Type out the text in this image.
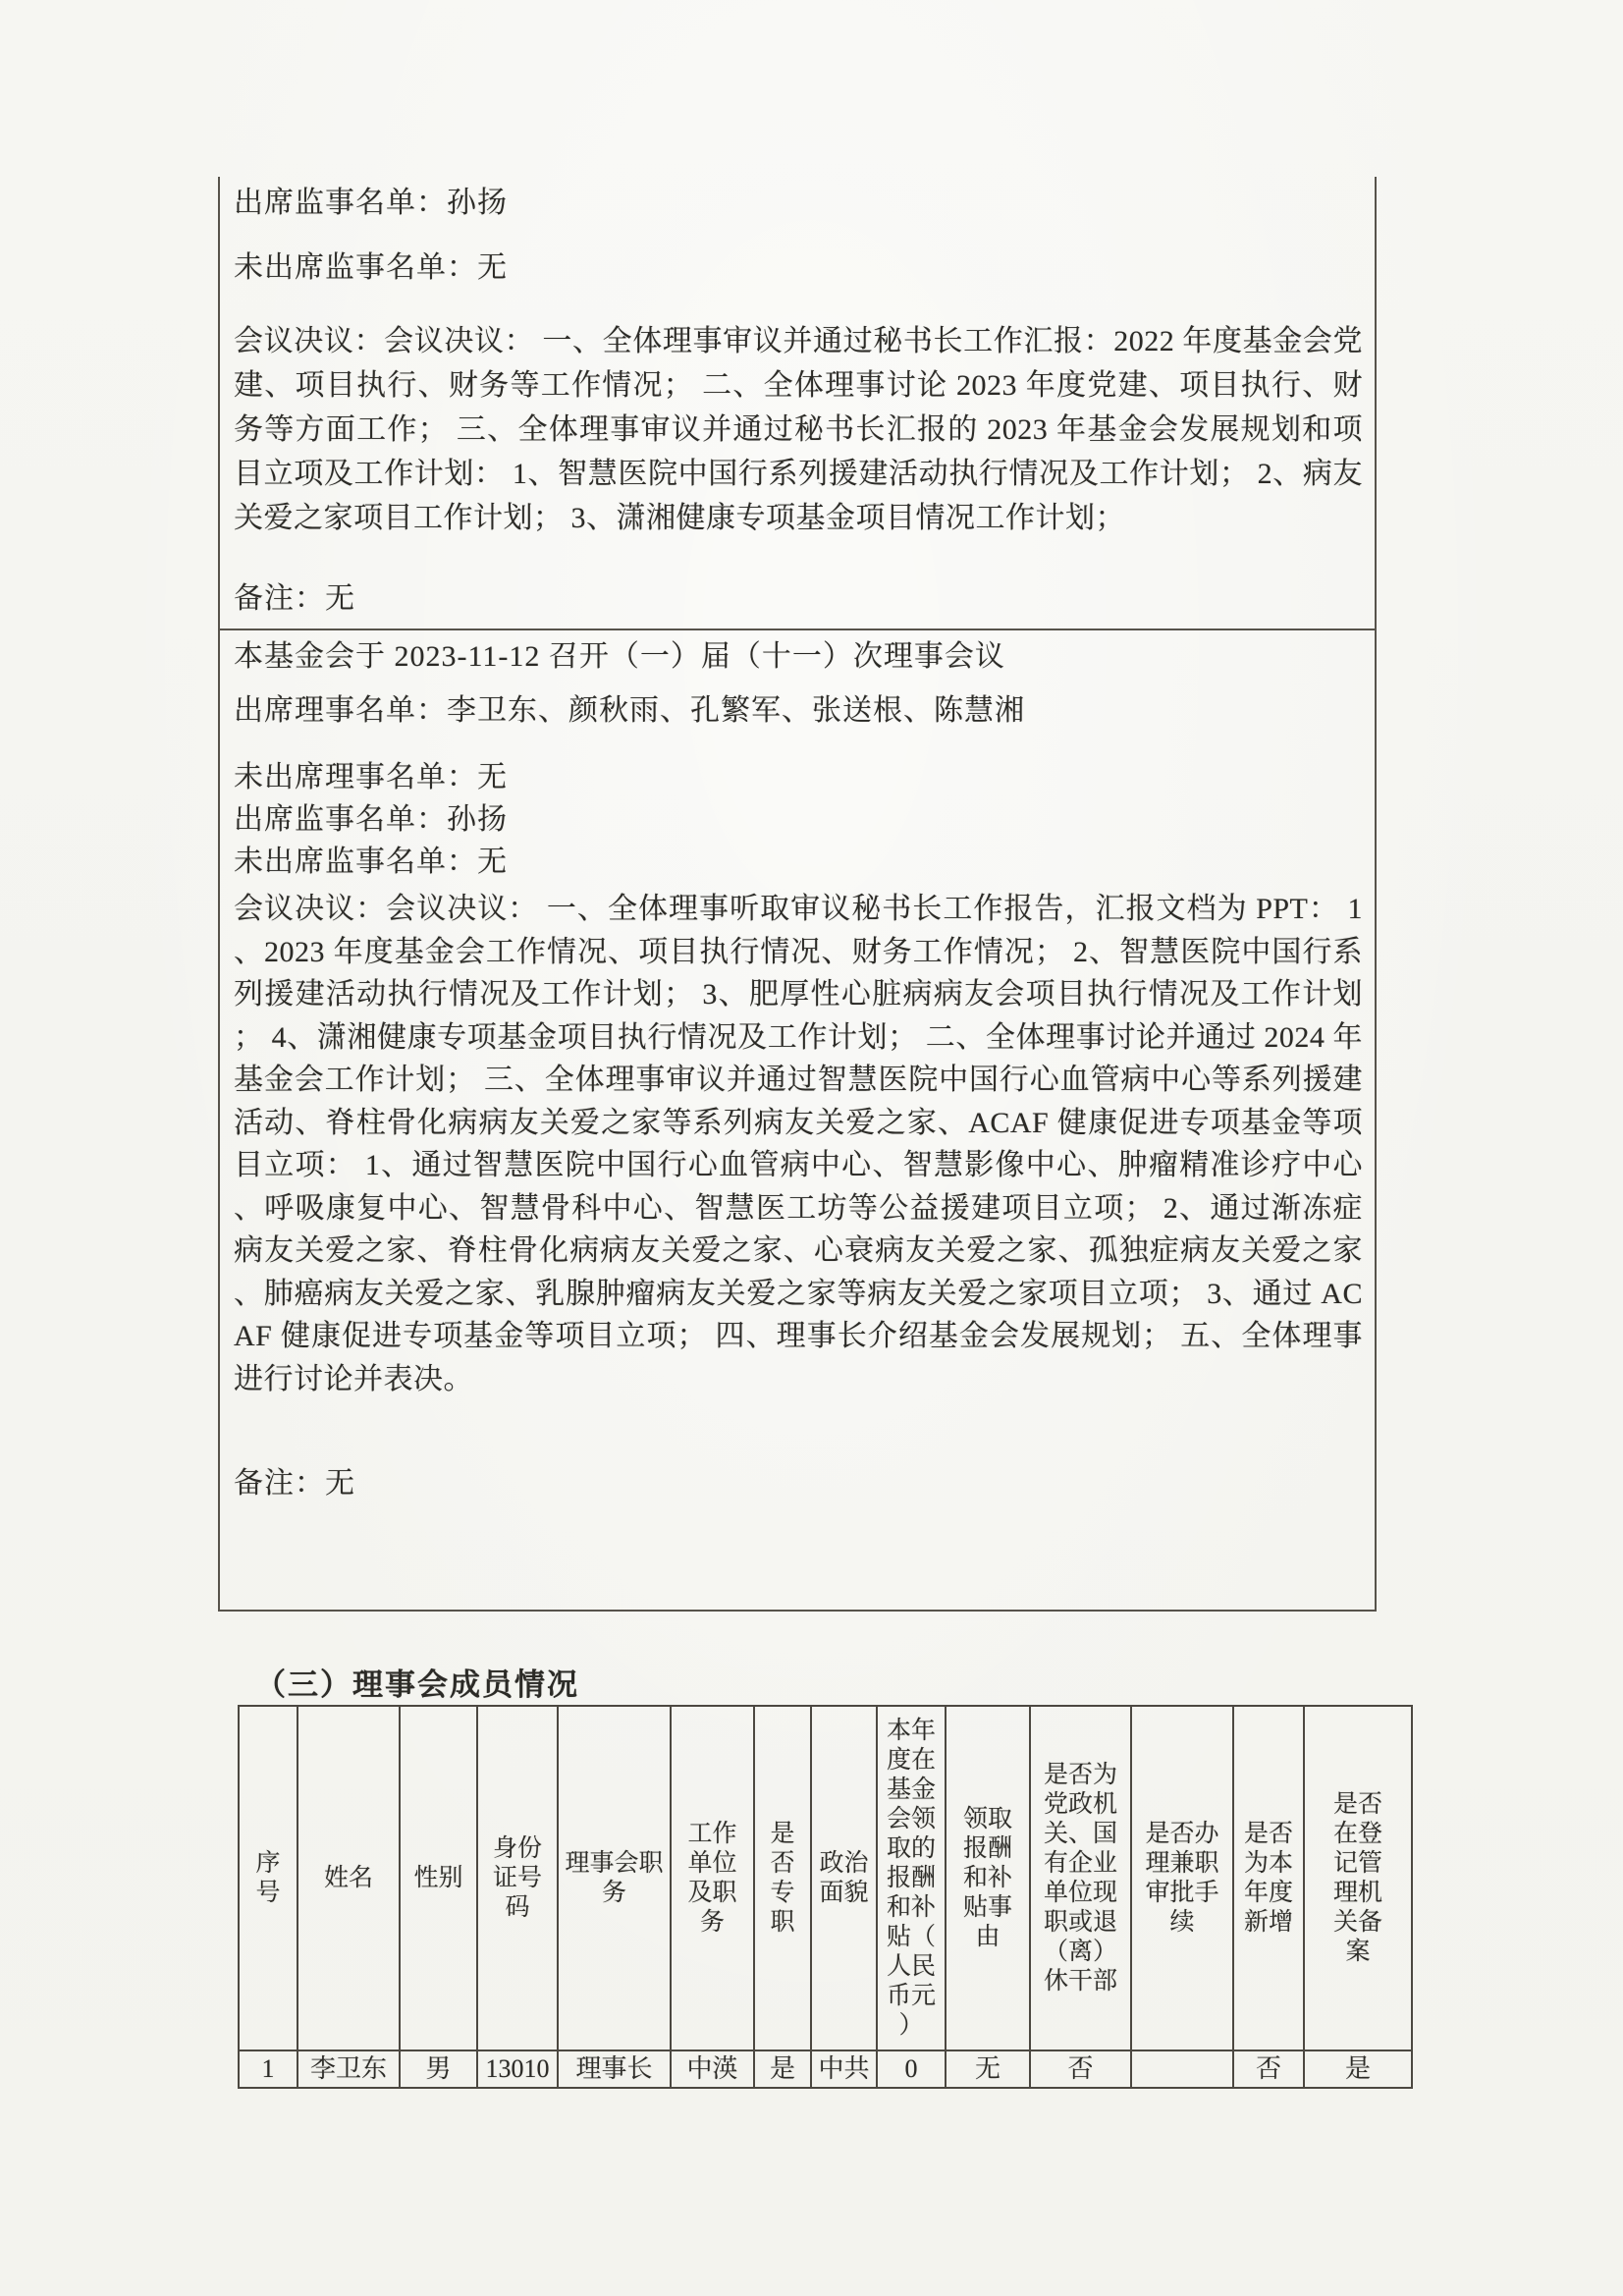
出席监事名单：孙扬

未出席监事名单：无

会议决议：会议决议： 一、全体理事审议并通过秘书长工作汇报：2022 年度基金会党建、项目执行、财务等工作情况； 二、全体理事讨论 2023 年度党建、项目执行、财务等方面工作； 三、全体理事审议并通过秘书长汇报的 2023 年基金会发展规划和项目立项及工作计划： 1、智慧医院中国行系列援建活动执行情况及工作计划； 2、病友关爱之家项目工作计划； 3、潇湘健康专项基金项目情况工作计划；

备注：无

本基金会于 2023-11-12 召开（一）届（十一）次理事会议

出席理事名单：李卫东、颜秋雨、孔繁军、张送根、陈慧湘

未出席理事名单：无

出席监事名单：孙扬

未出席监事名单：无

会议决议：会议决议： 一、全体理事听取审议秘书长工作报告，汇报文档为 PPT： 1、2023 年度基金会工作情况、项目执行情况、财务工作情况； 2、智慧医院中国行系列援建活动执行情况及工作计划； 3、肥厚性心脏病病友会项目执行情况及工作计划； 4、潇湘健康专项基金项目执行情况及工作计划； 二、全体理事讨论并通过 2024 年基金会工作计划； 三、全体理事审议并通过智慧医院中国行心血管病中心等系列援建活动、脊柱骨化病病友关爱之家等系列病友关爱之家、ACAF 健康促进专项基金等项目立项： 1、通过智慧医院中国行心血管病中心、智慧影像中心、肿瘤精准诊疗中心、呼吸康复中心、智慧骨科中心、智慧医工坊等公益援建项目立项； 2、通过渐冻症病友关爱之家、脊柱骨化病病友关爱之家、心衰病友关爱之家、孤独症病友关爱之家、肺癌病友关爱之家、乳腺肿瘤病友关爱之家等病友关爱之家项目立项； 3、通过 ACAF 健康促进专项基金等项目立项； 四、理事长介绍基金会发展规划； 五、全体理事进行讨论并表决。

备注：无

（三）理事会成员情况

序号	姓名	性别	身份证号码	理事会职务	工作单位及职务	是否专职	政治面貌	本年度在基金会领取的报酬和补贴（人民币元）	领取报酬和补贴事由	是否为党政机关、国有企业单位现职或退（离）休干部	是否办理兼职审批手续	是否为本年度新增	是否在登记管理机关备案
1	李卫东	男	13010	理事长	中渶	是	中共	0	无	否		否	是
